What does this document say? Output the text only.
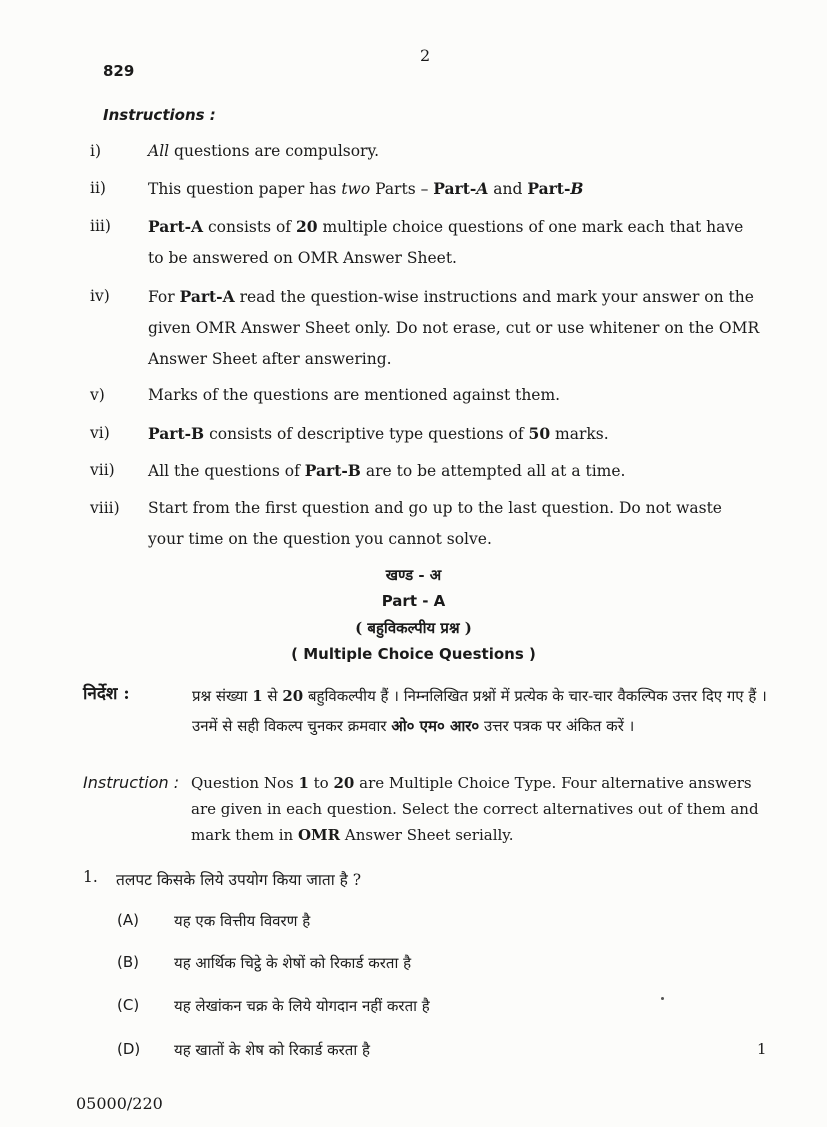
829
2
Instructions :
i)	All questions are compulsory.
ii)	This question paper has two Parts – Part-A and Part-B
iii)	Part-A consists of 20 multiple choice questions of one mark each that have to be answered on OMR Answer Sheet.
iv)	For Part-A read the question-wise instructions and mark your answer on the given OMR Answer Sheet only. Do not erase, cut or use whitener on the OMR Answer Sheet after answering.
v)	Marks of the questions are mentioned against them.
vi)	Part-B consists of descriptive type questions of 50 marks.
vii)	All the questions of Part-B are to be attempted all at a time.
viii)	Start from the first question and go up to the last question. Do not waste your time on the question you cannot solve.
खण्ड - अ
Part - A
( बहुविकल्पीय प्रश्न )
( Multiple Choice Questions )
निर्देश :	प्रश्न संख्या 1 से 20 बहुविकल्पीय हैं । निम्नलिखित प्रश्नों में प्रत्येक के चार-चार वैकल्पिक उत्तर दिए गए हैं । उनमें से सही विकल्प चुनकर क्रमवार ओ० एम० आर० उत्तर पत्रक पर अंकित करें ।
Instruction : Question Nos 1 to 20 are Multiple Choice Type. Four alternative answers are given in each question. Select the correct alternatives out of them and mark them in OMR Answer Sheet serially.
1. तलपट किसके लिये उपयोग किया जाता है ?
(A) यह एक वित्तीय विवरण है
(B) यह आर्थिक चिट्ठे के शेषों को रिकार्ड करता है
(C) यह लेखांकन चक्र के लिये योगदान नहीं करता है
(D) यह खातों के शेष को रिकार्ड करता है	1
05000/220
